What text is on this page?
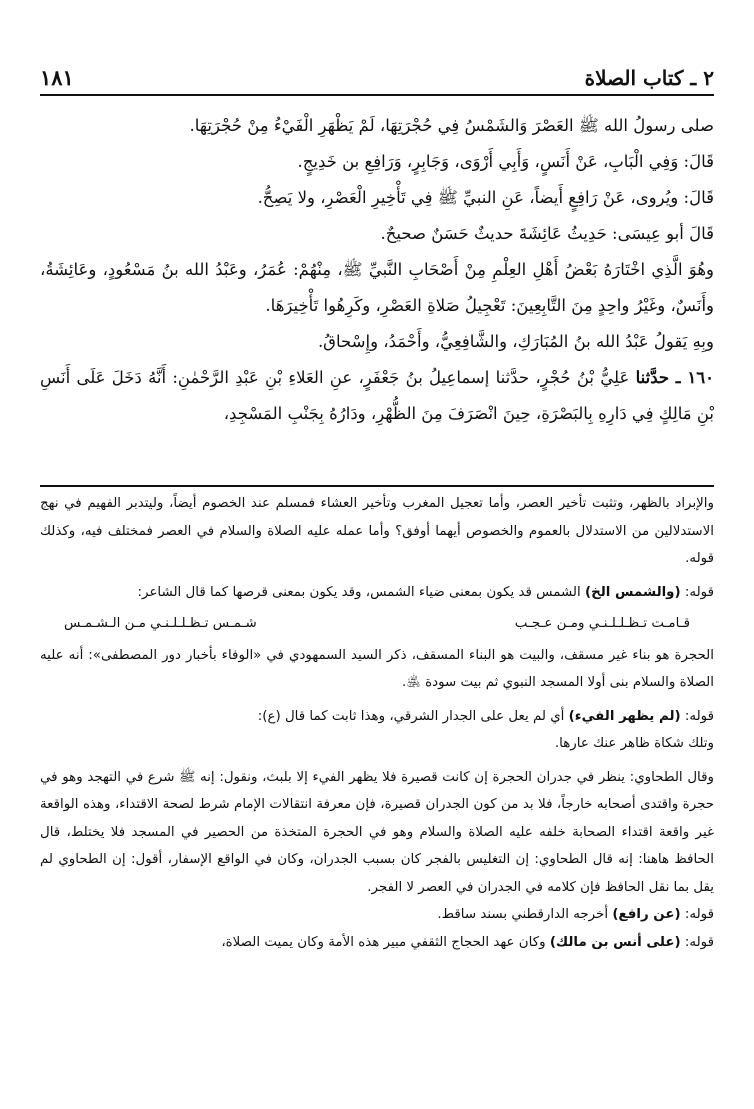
١٨١	٢ ـ كتاب الصلاة

صلى رسولُ الله ﷺ العَصْرَ وَالشَمْسُ فِي حُجْرَتِهَا، لَمْ يَظْهَرِ الْفَيْءُ مِنْ حُجْرَتِهَا.

قَالَ: وَفِي الْبَابِ، عَنْ أَنَسٍ، وَأَبِي أَرْوَى، وَجَابِرٍ، وَرَافِعِ بن خَدِيجٍ.

قَالَ: ويُروى، عَنْ رَافِعٍ أَيضاً، عَنِ النبيِّ ﷺ فِي تَأْخِيرِ الْعَصْرِ، ولا يَصِحُّ.

قَالَ أبو عِيسَى: حَدِيثُ عَائِشَةَ حديثٌ حَسَنٌ صحيحٌ.

وهُوَ الَّذِي اخْتَارَهُ بَعْضُ أَهْلِ العِلْمِ مِنْ أَصْحَابِ النَّبيِّ ﷺ، مِنْهُمْ: عُمَرُ، وعَبْدُ الله بنُ مَسْعُودٍ، وعَائِشَةُ، وأَنَسٌ، وغَيْرُ واحِدٍ مِنَ التَّابِعِينَ: تَعْجِيلُ صَلاةِ العَصْرِ، وكَرِهُوا تَأْخِيرَهَا.

وبِهِ يَقولُ عَبْدُ الله بنُ المُبَارَكِ، والشَّافِعِيُّ، وأَحْمَدُ، وإِسْحاقُ.

١٦٠ ـ حدَّثنا عَلِيُّ بْنُ حُجْرٍ، حدَّثنا إسماعِيلُ بنُ جَعْفَرٍ، عنِ العَلاءِ بْنِ عَبْدِ الرَّحْمٰنِ: أَنَّهُ دَخَلَ عَلَى أَنَسِ بْنِ مَالِكٍ فِي دَارِهِ بِالبَصْرَةِ، حِينَ انْصَرَفَ مِنَ الظُّهْرِ، ودَارُهُ بِجَنْبِ المَسْجِدِ،

والإبراد بالظهر، وتثبت تأخير العصر، وأما تعجيل المغرب وتأخير العشاء فمسلم عند الخصوم أيضاً، وليتدبر الفهيم في نهج الاستدلالين من الاستدلال بالعموم والخصوص أيهما أوفق؟ وأما عمله عليه الصلاة والسلام في العصر فمختلف فيه، وكذلك قوله.

قوله: (والشمس الخ) الشمس قد يكون بمعنى ضياء الشمس، وقد يكون بمعنى قرصها كما قال الشاعر:

قـامـت تـظـلـلـنـي ومـن عـجـب
شـمـس تـظـلـلـنـي مـن الـشـمـس

الحجرة هو بناء غير مسقف، والبيت هو البناء المسقف، ذكر السيد السمهودي في «الوفاء بأخبار دور المصطفى»: أنه عليه الصلاة والسلام بنى أولا المسجد النبوي ثم بيت سودة ﵁.

قوله: (لم يظهر الفيء) أي لم يعل على الجدار الشرقي، وهذا ثابت كما قال (ع):

وتلك شكاة ظاهر عنك عارها.

وقال الطحاوي: ينظر في جدران الحجرة إن كانت قصيرة فلا يظهر الفيء إلا بلبث، ونقول: إنه ﷺ شرع في التهجد وهو في حجرة واقتدى أصحابه خارجاً، فلا بد من كون الجدران قصيرة، فإن معرفة انتقالات الإمام شرط لصحة الاقتداء، وهذه الواقعة غير واقعة اقتداء الصحابة خلفه عليه الصلاة والسلام وهو في الحجرة المتخذة من الحصير في المسجد فلا يختلط، قال الحافظ هاهنا: إنه قال الطحاوي: إن التغليس بالفجر كان بسبب الجدران، وكان في الواقع الإسفار، أقول: إن الطحاوي لم يقل بما نقل الحافظ فإن كلامه في الجدران في العصر لا الفجر.

قوله: (عن رافع) أخرجه الدارقطني بسند ساقط.

قوله: (على أنس بن مالك) وكان عهد الحجاج الثقفي مبير هذه الأمة وكان يميت الصلاة،
